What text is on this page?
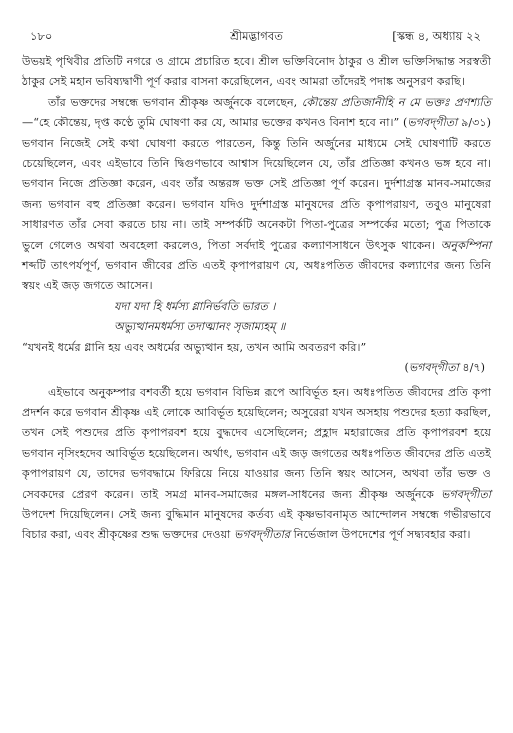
১৮০	শ্রীমদ্ভাগবত	[স্কন্ধ ৪, অধ্যায় ২২

উভয়ই পৃথিবীর প্রতিটি নগরে ও গ্রামে প্রচারিত হবে। শ্রীল ভক্তিবিনোদ ঠাকুর ও শ্রীল ভক্তিসিদ্ধান্ত সরস্বতী ঠাকুর সেই মহান ভবিষ্যদ্বাণী পূর্ণ করার বাসনা করেছিলেন, এবং আমরা তাঁদেরই পদাঙ্ক অনুসরণ করছি।

তাঁর ভক্তদের সম্বন্ধে ভগবান শ্রীকৃষ্ণ অর্জুনকে বলেছেন, কৌন্তেয় প্রতিজানীহি ন মে ভক্তঃ প্রণশ্যতি—“হে কৌন্তেয়, দৃপ্ত কণ্ঠে তুমি ঘোষণা কর যে, আমার ভক্তের কখনও বিনাশ হবে না।” (ভগবদ্‌গীতা ৯/৩১) ভগবান নিজেই সেই কথা ঘোষণা করতে পারতেন, কিন্তু তিনি অর্জুনের মাধ্যমে সেই ঘোষণাটি করতে চেয়েছিলেন, এবং এইভাবে তিনি দ্বিগুণভাবে আশ্বাস দিয়েছিলেন যে, তাঁর প্রতিজ্ঞা কখনও ভঙ্গ হবে না। ভগবান নিজে প্রতিজ্ঞা করেন, এবং তাঁর অন্তরঙ্গ ভক্ত সেই প্রতিজ্ঞা পূর্ণ করেন। দুর্দশাগ্রস্ত মানব-সমাজের জন্য ভগবান বহু প্রতিজ্ঞা করেন। ভগবান যদিও দুর্দশাগ্রস্ত মানুষদের প্রতি কৃপাপরায়ণ, তবুও মানুষেরা সাধারণত তাঁর সেবা করতে চায় না। তাই সম্পর্কটি অনেকটা পিতা-পুত্রের সম্পর্কের মতো; পুত্র পিতাকে ভুলে গেলেও অথবা অবহেলা করলেও, পিতা সর্বদাই পুত্রের কল্যাণসাধনে উৎসুক থাকেন। অনুকম্পিনা শব্দটি তাৎপর্যপূর্ণ, ভগবান জীবের প্রতি এতই কৃপাপরায়ণ যে, অধঃপতিত জীবদের কল্যাণের জন্য তিনি স্বয়ং এই জড় জগতে আসেন।

যদা যদা হি ধর্মস্য গ্লানির্ভবতি ভারত ।

অভ্যুত্থানমধর্মস্য তদাত্মানং সৃজাম্যহম্‌ ॥

“যখনই ধর্মের গ্লানি হয় এবং অধর্মের অভ্যুত্থান হয়, তখন আমি অবতরণ করি।”

(ভগবদ্‌গীতা ৪/৭)

এইভাবে অনুকম্পার বশবর্তী হয়ে ভগবান বিভিন্ন রূপে আবির্ভূত হন। অধঃপতিত জীবদের প্রতি কৃপা প্রদর্শন করে ভগবান শ্রীকৃষ্ণ এই লোকে আবির্ভূত হয়েছিলেন; অসুরেরা যখন অসহায় পশুদের হত্যা করছিল, তখন সেই পশুদের প্রতি কৃপাপরবশ হয়ে বুদ্ধদেব এসেছিলেন; প্রহ্লাদ মহারাজের প্রতি কৃপাপরবশ হয়ে ভগবান নৃসিংহদেব আবির্ভূত হয়েছিলেন। অর্থাৎ, ভগবান এই জড় জগতের অধঃপতিত জীবদের প্রতি এতই কৃপাপরায়ণ যে, তাদের ভগবদ্ধামে ফিরিয়ে নিয়ে যাওয়ার জন্য তিনি স্বয়ং আসেন, অথবা তাঁর ভক্ত ও সেবকদের প্রেরণ করেন। তাই সমগ্র মানব-সমাজের মঙ্গল-সাধনের জন্য শ্রীকৃষ্ণ অর্জুনকে ভগবদ্‌গীতা উপদেশ দিয়েছিলেন। সেই জন্য বুদ্ধিমান মানুষদের কর্তব্য এই কৃষ্ণভাবনামৃত আন্দোলন সম্বন্ধে গভীরভাবে বিচার করা, এবং শ্রীকৃষ্ণের শুদ্ধ ভক্তদের দেওয়া ভগবদ্‌গীতার নির্ভেজাল উপদেশের পূর্ণ সদ্ব্যবহার করা।
